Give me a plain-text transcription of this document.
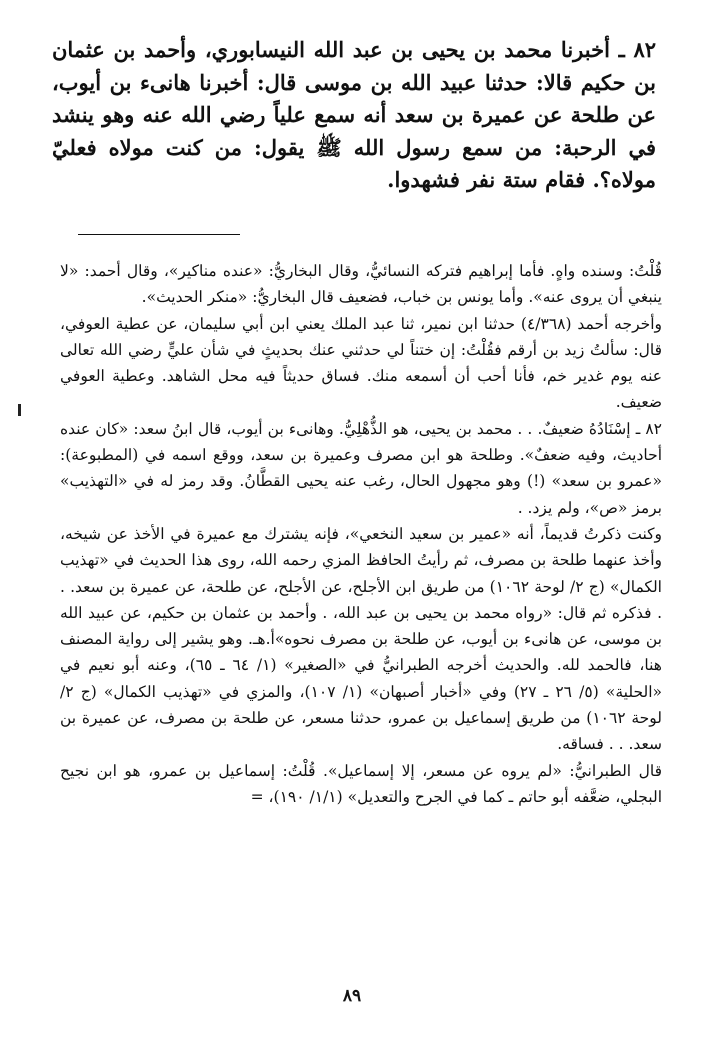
٨٢ ـ أخبرنا محمد بن يحيى بن عبد الله النيسابوري، وأحمد بن عثمان بن حكيم قالا: حدثنا عبيد الله بن موسى قال: أخبرنا هانىء بن أيوب، عن طلحة عن عميرة بن سعد أنه سمع علياً رضي الله عنه وهو ينشد في الرحبة: من سمع رسول الله ﷺ يقول: من كنت مولاه فعليّ مولاه؟. فقام ستة نفر فشهدوا.

قُلْتُ: وسنده واهٍ. فأما إبراهيم فتركه النسائيُّ، وقال البخاريُّ: «عنده مناكير»، وقال أحمد: «لا ينبغي أن يروى عنه». وأما يونس بن خباب، فضعيف قال البخاريُّ: «منكر الحديث».

وأخرجه أحمد (٤/٣٦٨) حدثنا ابن نمير، ثنا عبد الملك يعني ابن أبي سليمان، عن عطية العوفي، قال: سألتُ زيد بن أرقم فقُلْتُ: إن ختناً لي حدثني عنك بحديثٍ في شأن عليٍّ رضي الله تعالى عنه يوم غدير خم، فأنا أحب أن أسمعه منك. فساق حديثاً فيه محل الشاهد. وعطية العوفي ضعيف.

٨٢ ـ إسْنَادُهُ ضعيفٌ. . . محمد بن يحيى، هو الذُّهْلِيُّ. وهانىء بن أيوب، قال ابنُ سعد: «كان عنده أحاديث، وفيه ضعفٌ». وطلحة هو ابن مصرف وعميرة بن سعد، ووقع اسمه في (المطبوعة): «عمرو بن سعد» (!) وهو مجهول الحال، رغب عنه يحيى القطَّانُ. وقد رمز له في «التهذيب» برمز «ص»، ولم يزد. .

وكنت ذكرتُ قديماً، أنه «عمير بن سعيد النخعي»، فإنه يشترك مع عميرة في الأخذ عن شيخه، وأخذ عنهما طلحة بن مصرف، ثم رأيتُ الحافظ المزي رحمه الله، روى هذا الحديث في «تهذيب الكمال» (ج ٢/ لوحة ١٠٦٢) من طريق ابن الأجلح، عن الأجلح، عن طلحة، عن عميرة بن سعد. . . فذكره ثم قال: «رواه محمد بن يحيى بن عبد الله، . وأحمد بن عثمان بن حكيم، عن عبيد الله بن موسى، عن هانىء بن أيوب، عن طلحة بن مصرف نحوه»أ.هـ. وهو يشير إلى رواية المصنف هنا، فالحمد لله. والحديث أخرجه الطبرانيُّ في «الصغير» (١/ ٦٤ ـ ٦٥)، وعنه أبو نعيم في «الحلية» (٥/ ٢٦ ـ ٢٧) وفي «أخبار أصبهان» (١/ ١٠٧)، والمزي في «تهذيب الكمال» (ج ٢/ لوحة ١٠٦٢) من طريق إسماعيل بن عمرو، حدثنا مسعر، عن طلحة بن مصرف، عن عميرة بن سعد. . . فساقه.

قال الطبرانيُّ: «لم يروه عن مسعر، إلا إسماعيل». قُلْتُ: إسماعيل بن عمرو، هو ابن نجيح البجلي، ضعَّفه أبو حاتم ـ كما في الجرح والتعديل» (١/١/ ١٩٠)، =

٨٩
